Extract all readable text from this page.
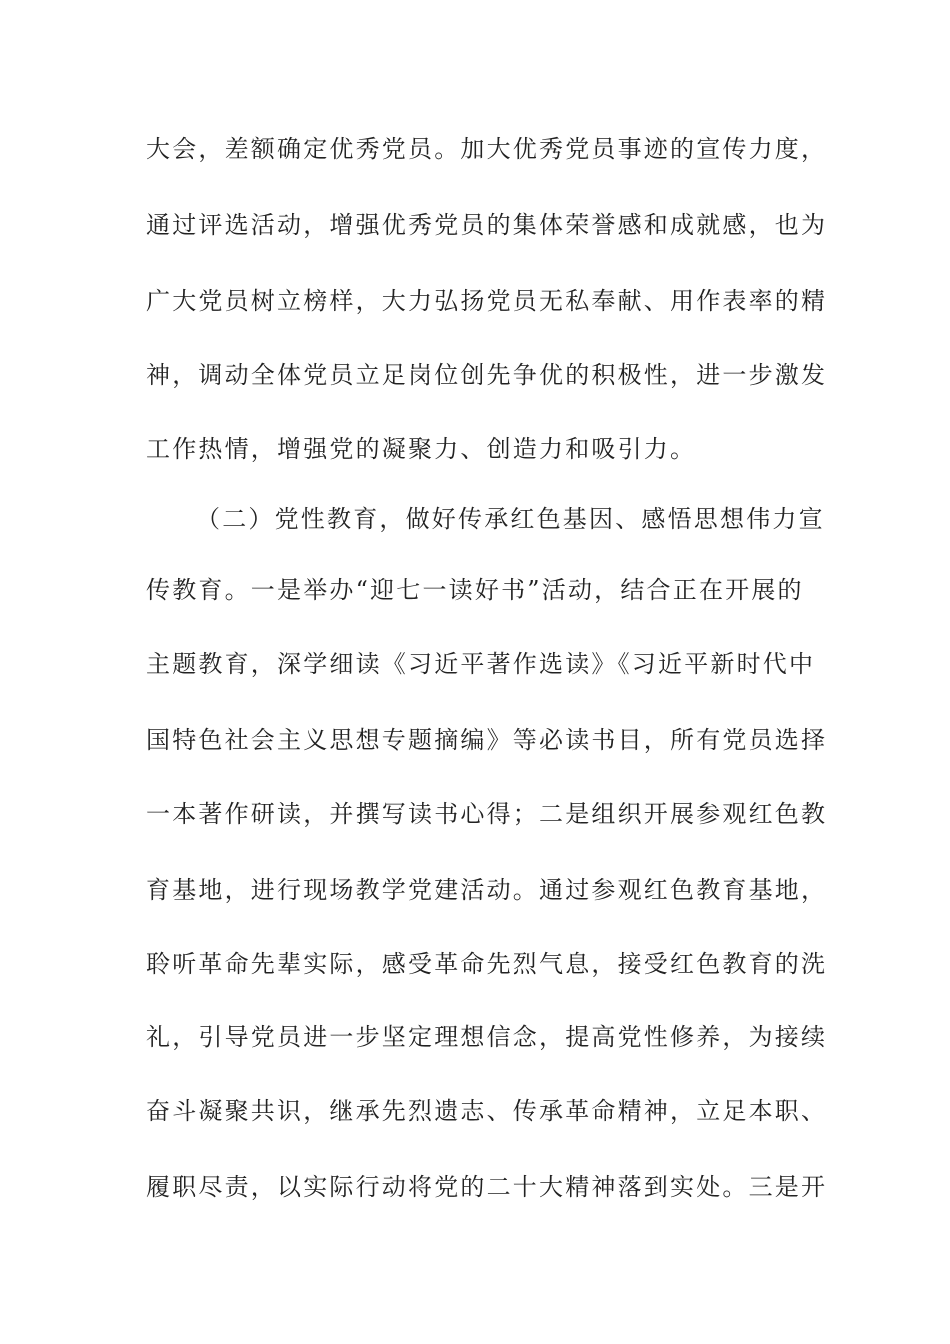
大会，差额确定优秀党员。加大优秀党员事迹的宣传力度，
通过评选活动，增强优秀党员的集体荣誉感和成就感，也为
广大党员树立榜样，大力弘扬党员无私奉献、用作表率的精
神，调动全体党员立足岗位创先争优的积极性，进一步激发
工作热情，增强党的凝聚力、创造力和吸引力。
（二）党性教育，做好传承红色基因、感悟思想伟力宣
传教育。一是举办“迎七一读好书”活动，结合正在开展的
主题教育，深学细读《习近平著作选读》《习近平新时代中
国特色社会主义思想专题摘编》等必读书目，所有党员选择
一本著作研读，并撰写读书心得；二是组织开展参观红色教
育基地，进行现场教学党建活动。通过参观红色教育基地，
聆听革命先辈实际，感受革命先烈气息，接受红色教育的洗
礼，引导党员进一步坚定理想信念，提高党性修养，为接续
奋斗凝聚共识，继承先烈遗志、传承革命精神，立足本职、
履职尽责，以实际行动将党的二十大精神落到实处。三是开
